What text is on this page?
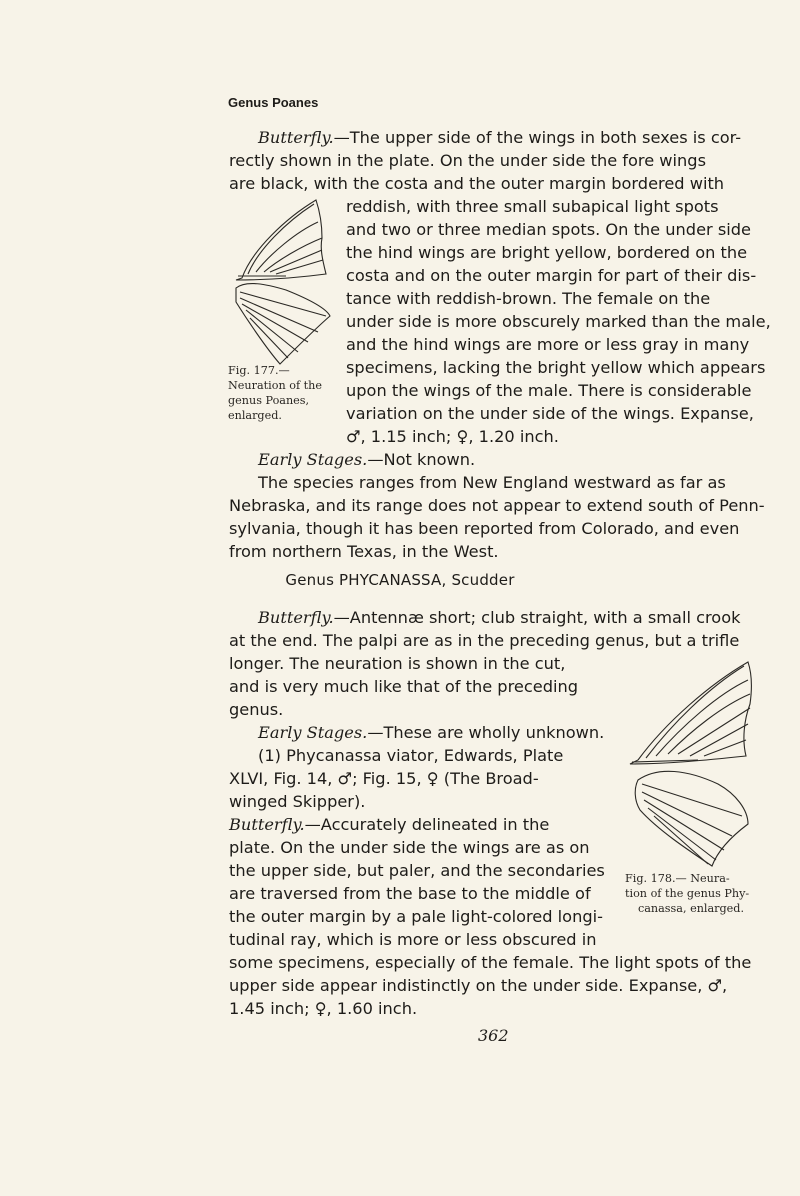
Genus Poanes
Butterfly.—The upper side of the wings in both sexes is cor-
rectly shown in the plate. On the under side the fore wings
are black, with the costa and the outer margin bordered with
reddish, with three small subapical light spots
and two or three median spots. On the under side
the hind wings are bright yellow, bordered on the
costa and on the outer margin for part of their dis-
tance with reddish-brown. The female on the
under side is more obscurely marked than the male,
and the hind wings are more or less gray in many
specimens, lacking the bright yellow which appears
upon the wings of the male. There is considerable
variation on the under side of the wings. Expanse,
♂, 1.15 inch; ♀, 1.20 inch.
Early Stages.—Not known.
The species ranges from New England westward as far as
Nebraska, and its range does not appear to extend south of Penn-
sylvania, though it has been reported from Colorado, and even
from northern Texas, in the West.
Fig. 177.—
Neuration of the
genus Poanes,
enlarged.
Genus PHYCANASSA, Scudder
Butterfly.—Antennæ short; club straight, with a small crook
at the end. The palpi are as in the preceding genus, but a trifle
longer. The neuration is shown in the cut,
and is very much like that of the preceding
genus.
Early Stages.—These are wholly unknown.
(1) Phycanassa viator, Edwards, Plate
XLVI, Fig. 14, ♂; Fig. 15, ♀ (The Broad-
winged Skipper).
Butterfly.—Accurately delineated in the
plate. On the under side the wings are as on
the upper side, but paler, and the secondaries
are traversed from the base to the middle of
the outer margin by a pale light-colored longi-
tudinal ray, which is more or less obscured in
some specimens, especially of the female. The light spots of the
upper side appear indistinctly on the under side. Expanse, ♂,
1.45 inch; ♀, 1.60 inch.
Fig. 178.— Neura-
tion of the genus Phy-
canassa, enlarged.
362
